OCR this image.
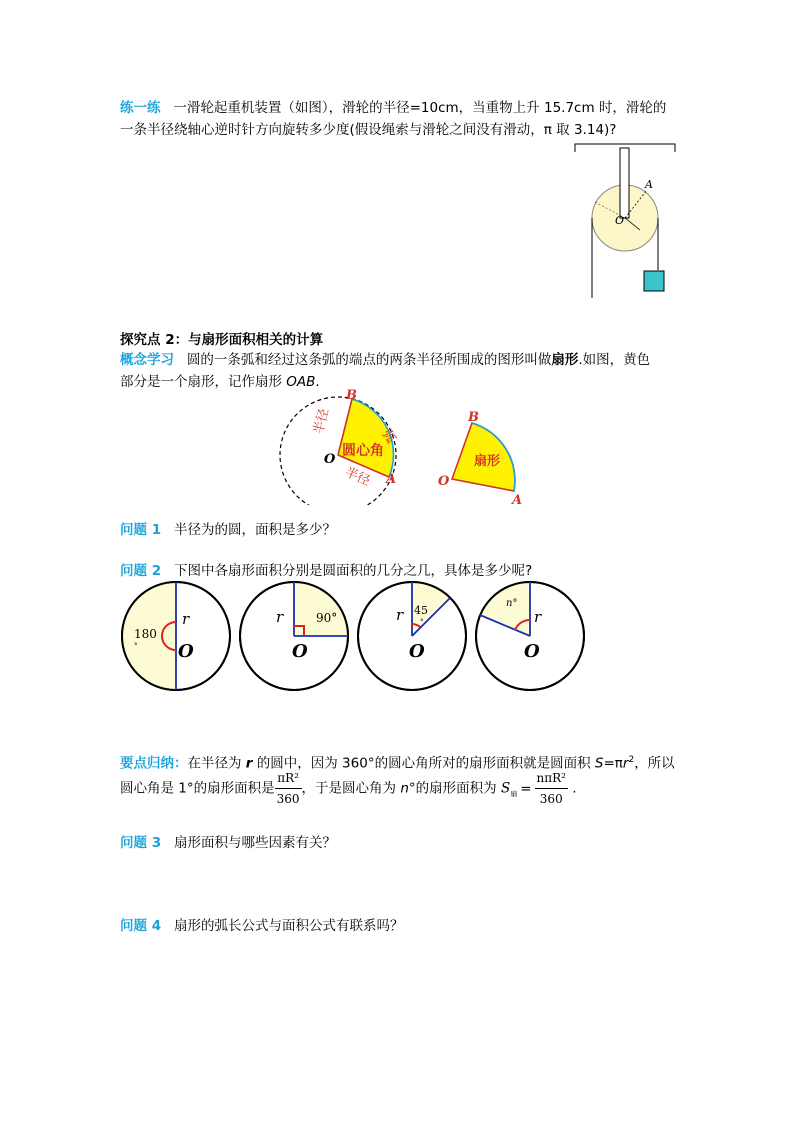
练一练 一滑轮起重机装置（如图），滑轮的半径=10cm，当重物上升 15.7cm 时，滑轮的
一条半径绕轴心逆时针方向旋转多少度(假设绳索与滑轮之间没有滑动，π 取 3.14)?
A
O
探究点 2：与扇形面积相关的计算
概念学习 圆的一条弧和经过这条弧的端点的两条半径所围成的图形叫做扇形.如图，黄色
部分是一个扇形，记作扇形 OAB.
B
O
A
半径
半径
弧
圆心角
B
O
A
扇形
问题 1 半径为的圆，面积是多少？
问题 2 下图中各扇形面积分别是圆面积的几分之几，具体是多少呢?
r
O
180
°
r
O
90°	r
O
45
°	r
O
n°
要点归纳：在半径为 r 的圆中，因为 360°的圆心角所对的扇形面积就是圆面积 $S=\pi r^2$，所以
圆心角是 1°的扇形面积是 $\frac{\text{πR²}}{360}$ ，于是圆心角为 n°的扇形面积为 $S_扇 = \frac{\text{nπR²}}{360}$ .
问题 3 扇形面积与哪些因素有关？
问题 4 扇形的弧长公式与面积公式有联系吗？
